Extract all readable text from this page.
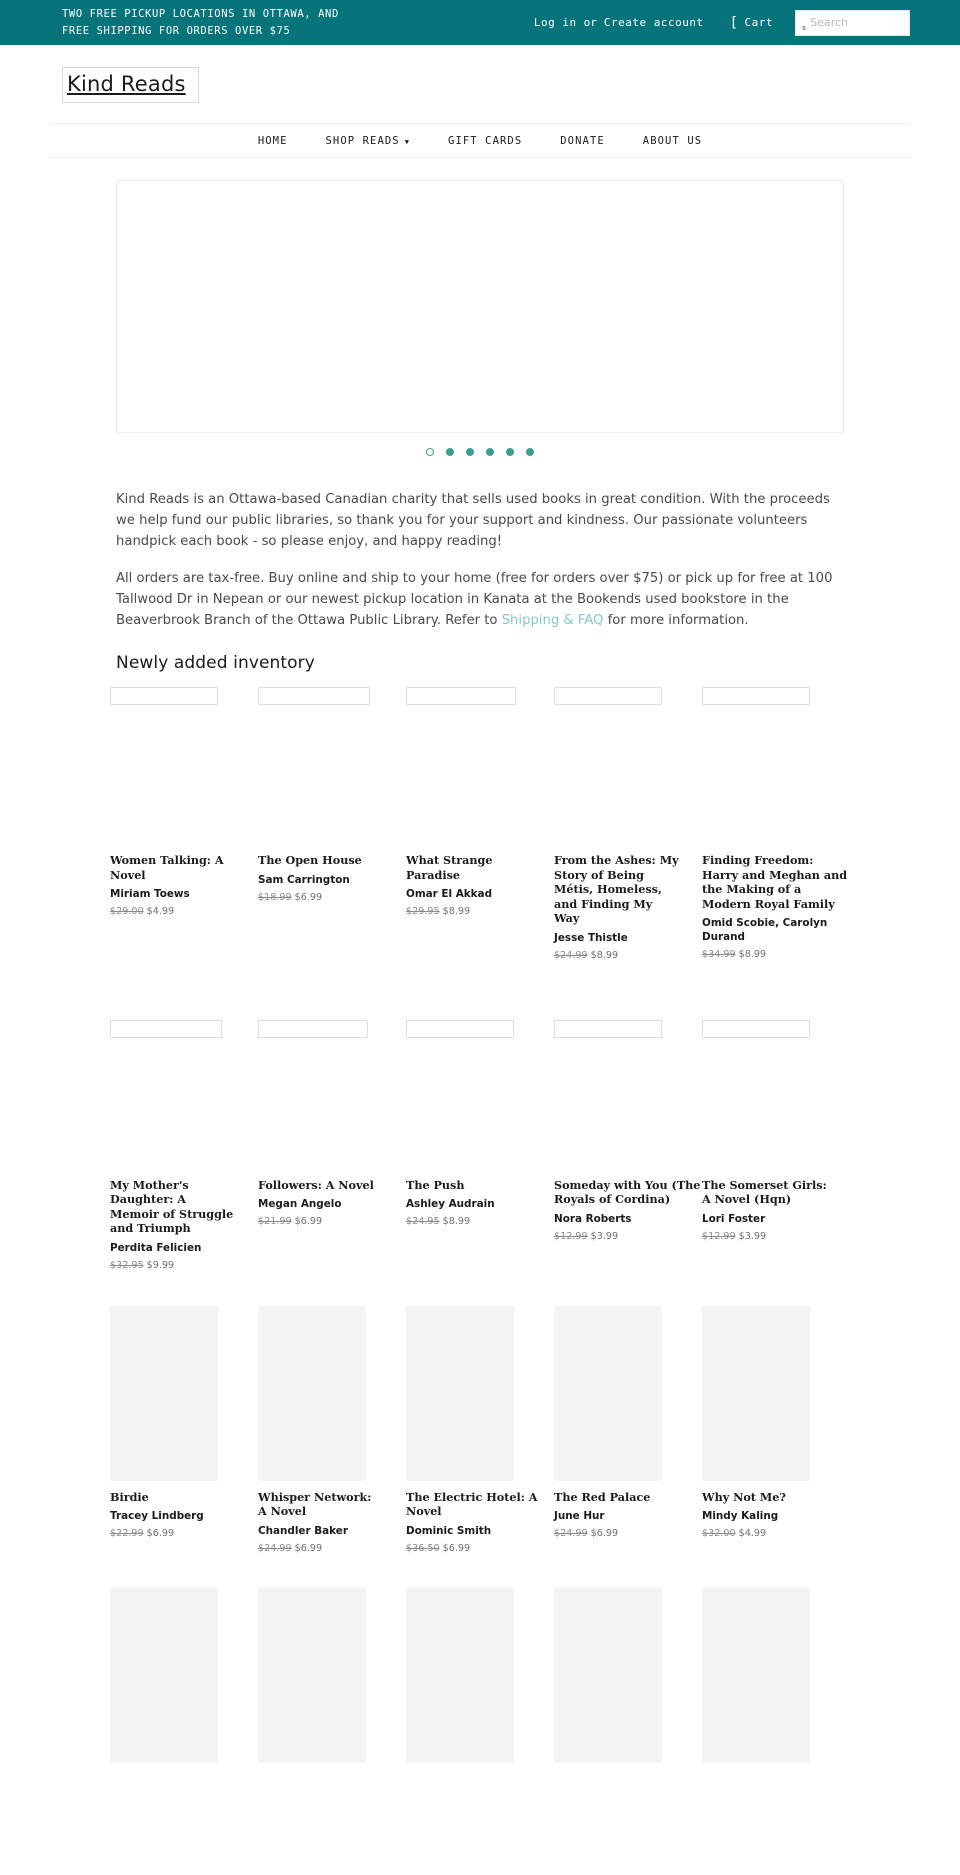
TWO FREE PICKUP LOCATIONS IN OTTAWA, AND
FREE SHIPPING FOR ORDERS OVER $75
Log in or Create account [ Cart	s
Search
Kind Reads
HOME	SHOP READS ▼	GIFT CARDS	DONATE	ABOUT US

Kind Reads is an Ottawa-based Canadian charity that sells used books in great condition. With the proceeds we help fund our public libraries, so thank you for your support and kindness. Our passionate volunteers handpick each book - so please enjoy, and happy reading!

All orders are tax-free. Buy online and ship to your home (free for orders over $75) or pick up for free at 100 Tallwood Dr in Nepean or our newest pickup location in Kanata at the Bookends used bookstore in the Beaverbrook Branch of the Ottawa Public Library. Refer to Shipping & FAQ for more information.

Newly added inventory
Women Talking: A Novel
Miriam Toews
$29.00 $4.99
The Open House
Sam Carrington
$18.99 $6.99
What Strange Paradise
Omar El Akkad
$29.95 $8.99
From the Ashes: My Story of Being Métis, Homeless, and Finding My Way
Jesse Thistle
$24.99 $8.99
Finding Freedom: Harry and Meghan and the Making of a Modern Royal Family
Omid Scobie, Carolyn Durand
$34.99 $8.99
My Mother's Daughter: A Memoir of Struggle and Triumph
Perdita Felicien
$32.95 $9.99
Followers: A Novel
Megan Angelo
$21.99 $6.99
The Push
Ashley Audrain
$24.95 $8.99
Someday with You (The Royals of Cordina)
Nora Roberts
$12.99 $3.99
The Somerset Girls: A Novel (Hqn)
Lori Foster
$12.99 $3.99
Birdie
Tracey Lindberg
$22.99 $6.99
Whisper Network: A Novel
Chandler Baker
$24.99 $6.99
The Electric Hotel: A Novel
Dominic Smith
$36.50 $6.99
The Red Palace
June Hur
$24.99 $6.99
Why Not Me?
Mindy Kaling
$32.00 $4.99
